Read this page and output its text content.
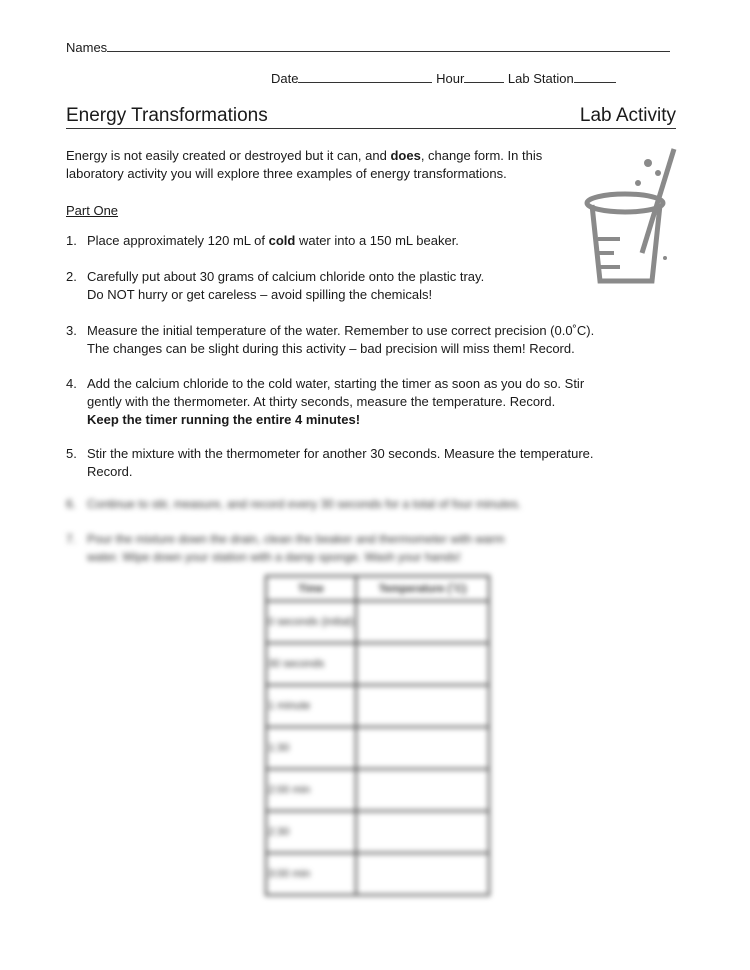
Names
Date	Hour	Lab Station
Energy Transformations	Lab Activity
Energy is not easily created or destroyed but it can, and does, change form. In this
laboratory activity you will explore three examples of energy transformations.
Part One
1. Place approximately 120 mL of cold water into a 150 mL beaker.
2. Carefully put about 30 grams of calcium chloride onto the plastic tray.
Do NOT hurry or get careless – avoid spilling the chemicals!
3. Measure the initial temperature of the water. Remember to use correct precision (0.0˚C).
The changes can be slight during this activity – bad precision will miss them! Record.
4. Add the calcium chloride to the cold water, starting the timer as soon as you do so. Stir
gently with the thermometer. At thirty seconds, measure the temperature. Record.
Keep the timer running the entire 4 minutes!
5. Stir the mixture with the thermometer for another 30 seconds. Measure the temperature.
Record.
6. Continue to stir, measure, and record every 30 seconds for a total of four minutes.
7. Pour the mixture down the drain, clean the beaker and thermometer with warm
water. Wipe down your station with a damp sponge. Wash your hands!
Time	Temperature (˚C)
0 seconds (initial)	
30 seconds	
1 minute	
1:30	
2:00 min	
2:30	
3:00 min	
